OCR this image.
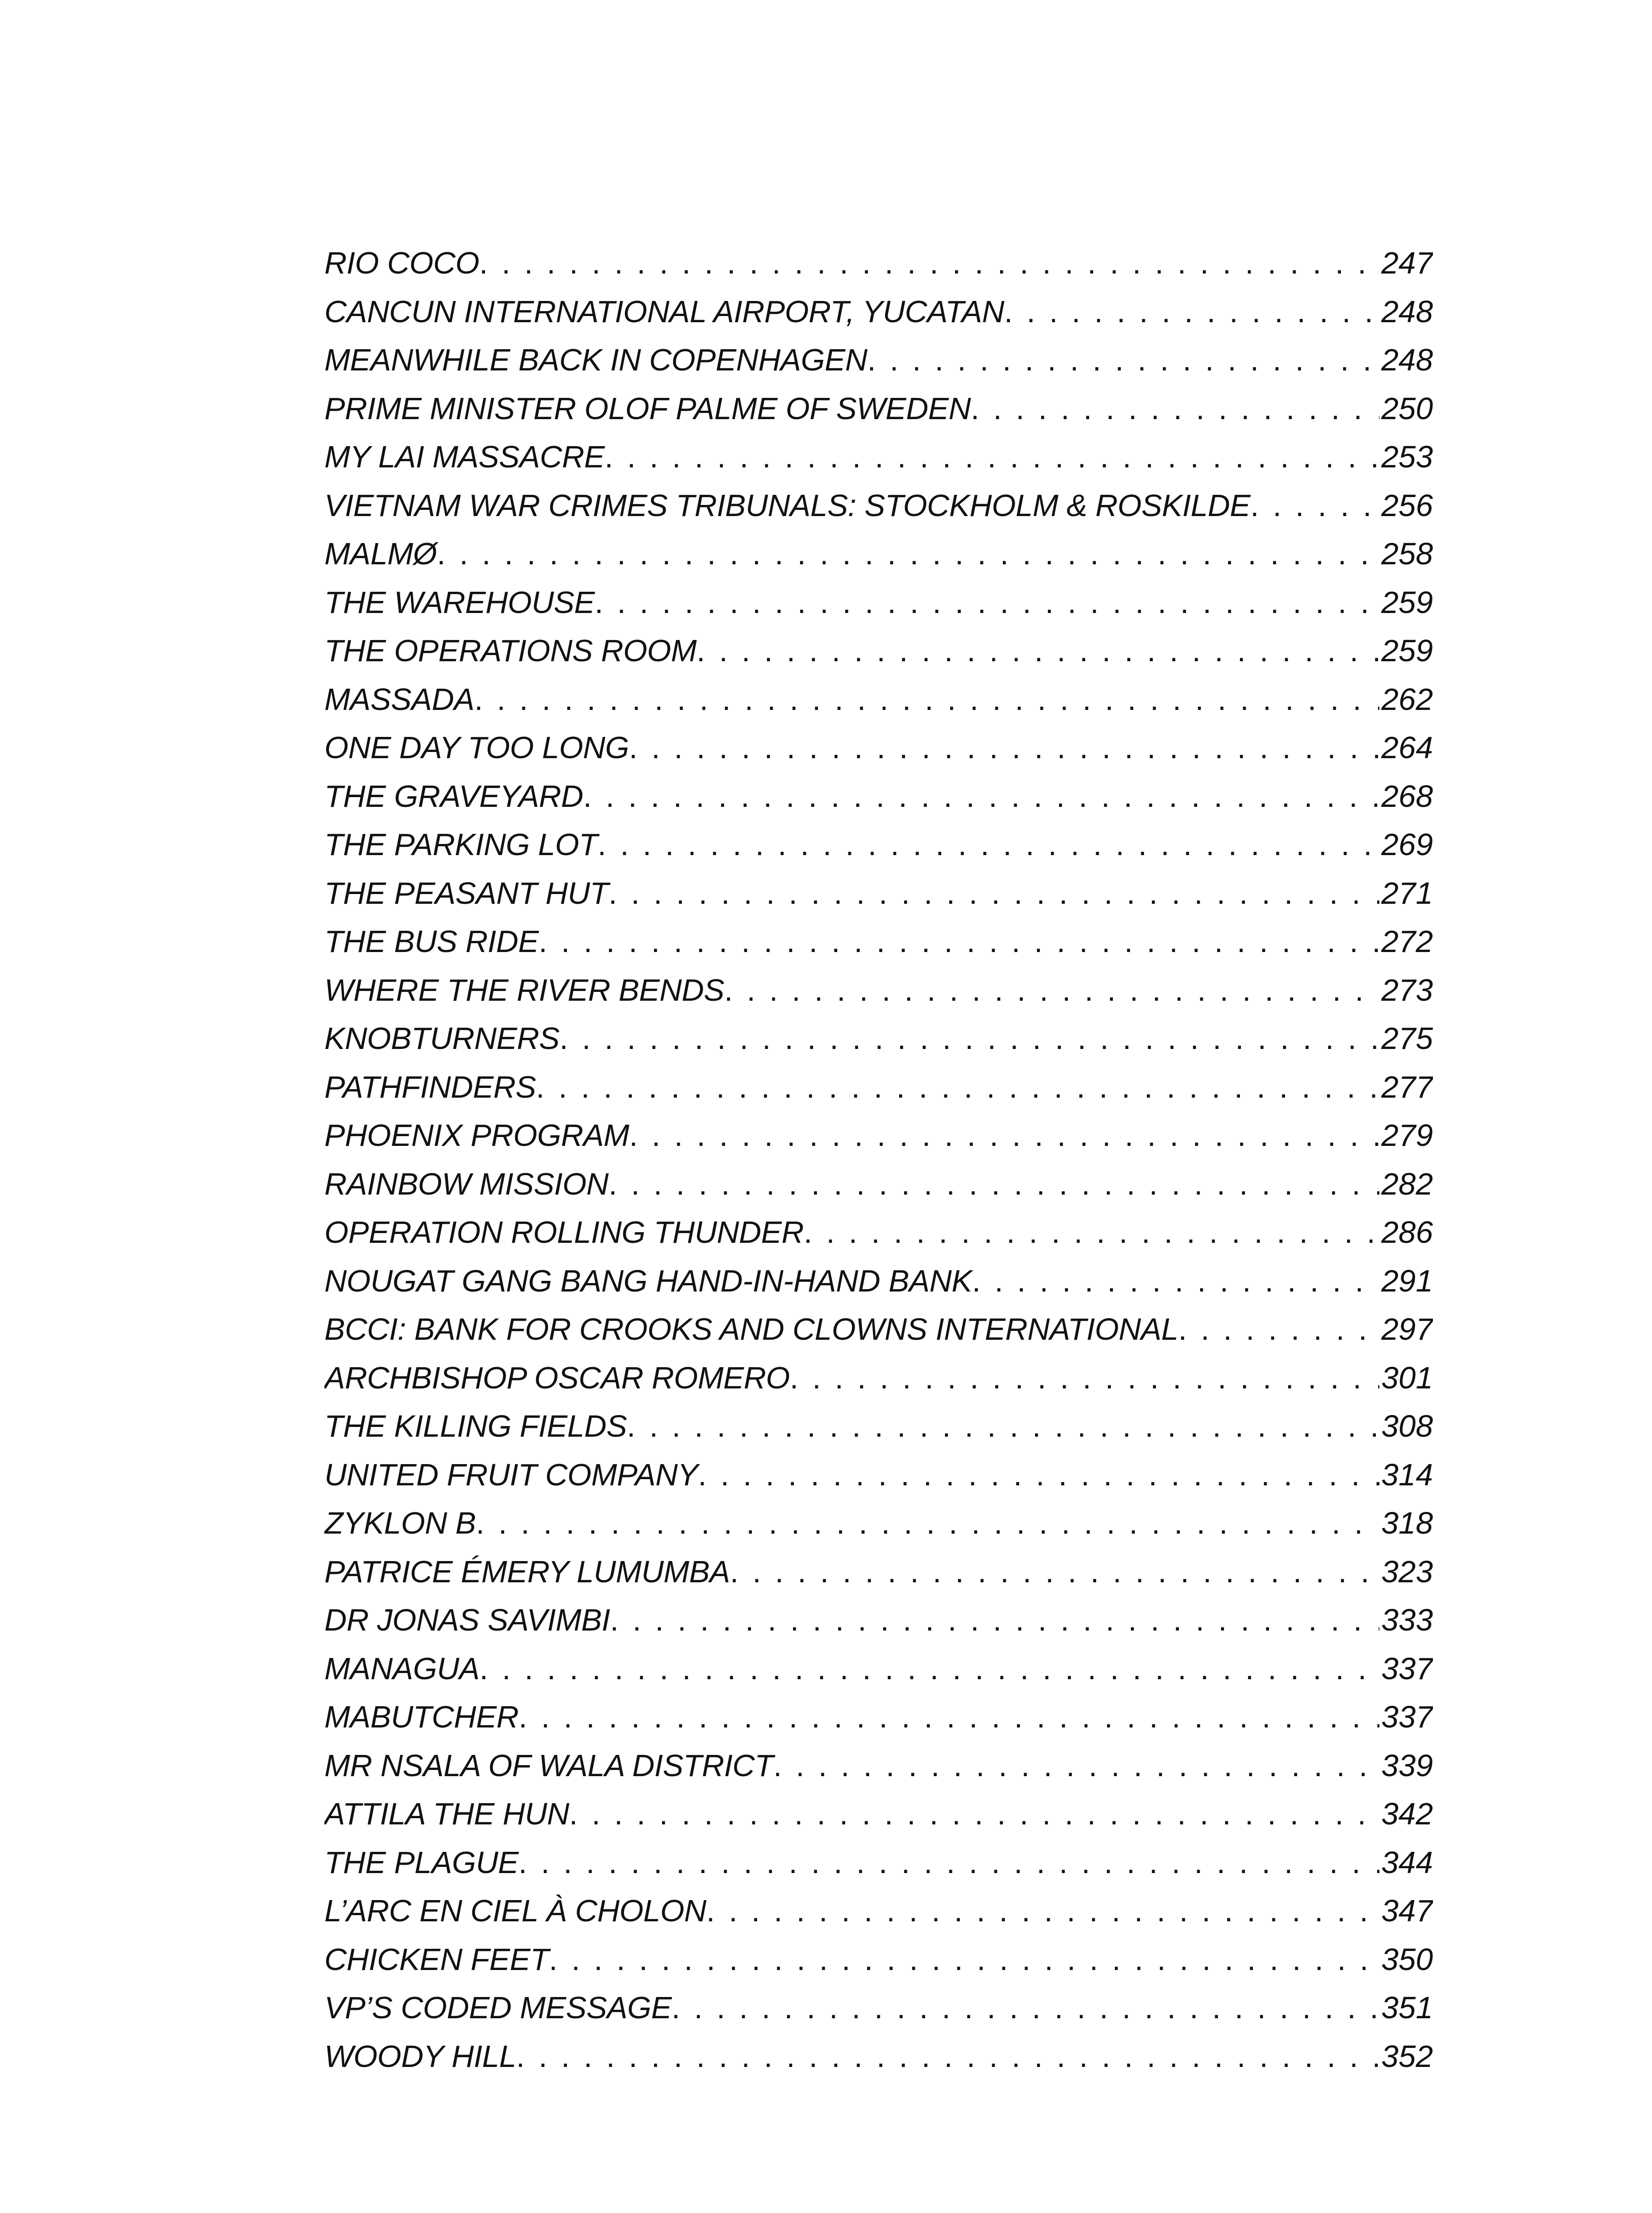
RIO COCO . . .	247
CANCUN INTERNATIONAL AIRPORT, YUCATAN . . .	248
MEANWHILE BACK IN COPENHAGEN . . .	248
PRIME MINISTER OLOF PALME OF SWEDEN . . .	250
MY LAI MASSACRE . . .	253
VIETNAM WAR CRIMES TRIBUNALS: STOCKHOLM & ROSKILDE . . .	256
MALMØ . . .	258
THE WAREHOUSE . . .	259
THE OPERATIONS ROOM . . .	259
MASSADA . . .	262
ONE DAY TOO LONG . . .	264
THE GRAVEYARD . . .	268
THE PARKING LOT . . .	269
THE PEASANT HUT . . .	271
THE BUS RIDE . . .	272
WHERE THE RIVER BENDS . . .	273
KNOBTURNERS . . .	275
PATHFINDERS . . .	277
PHOENIX PROGRAM . . .	279
RAINBOW MISSION . . .	282
OPERATION ROLLING THUNDER . . .	286
NOUGAT GANG BANG HAND-IN-HAND BANK . . .	291
BCCI: BANK FOR CROOKS AND CLOWNS INTERNATIONAL . . .	297
ARCHBISHOP OSCAR ROMERO . . .	301
THE KILLING FIELDS . . .	308
UNITED FRUIT COMPANY . . .	314
ZYKLON B . . .	318
PATRICE ÉMERY LUMUMBA . . .	323
DR JONAS SAVIMBI . . .	333
MANAGUA . . .	337
MABUTCHER . . .	337
MR NSALA OF WALA DISTRICT . . .	339
ATTILA THE HUN . . .	342
THE PLAGUE . . .	344
L’ARC EN CIEL À CHOLON . . .	347
CHICKEN FEET . . .	350
VP’S CODED MESSAGE . . .	351
WOODY HILL . . .	352
